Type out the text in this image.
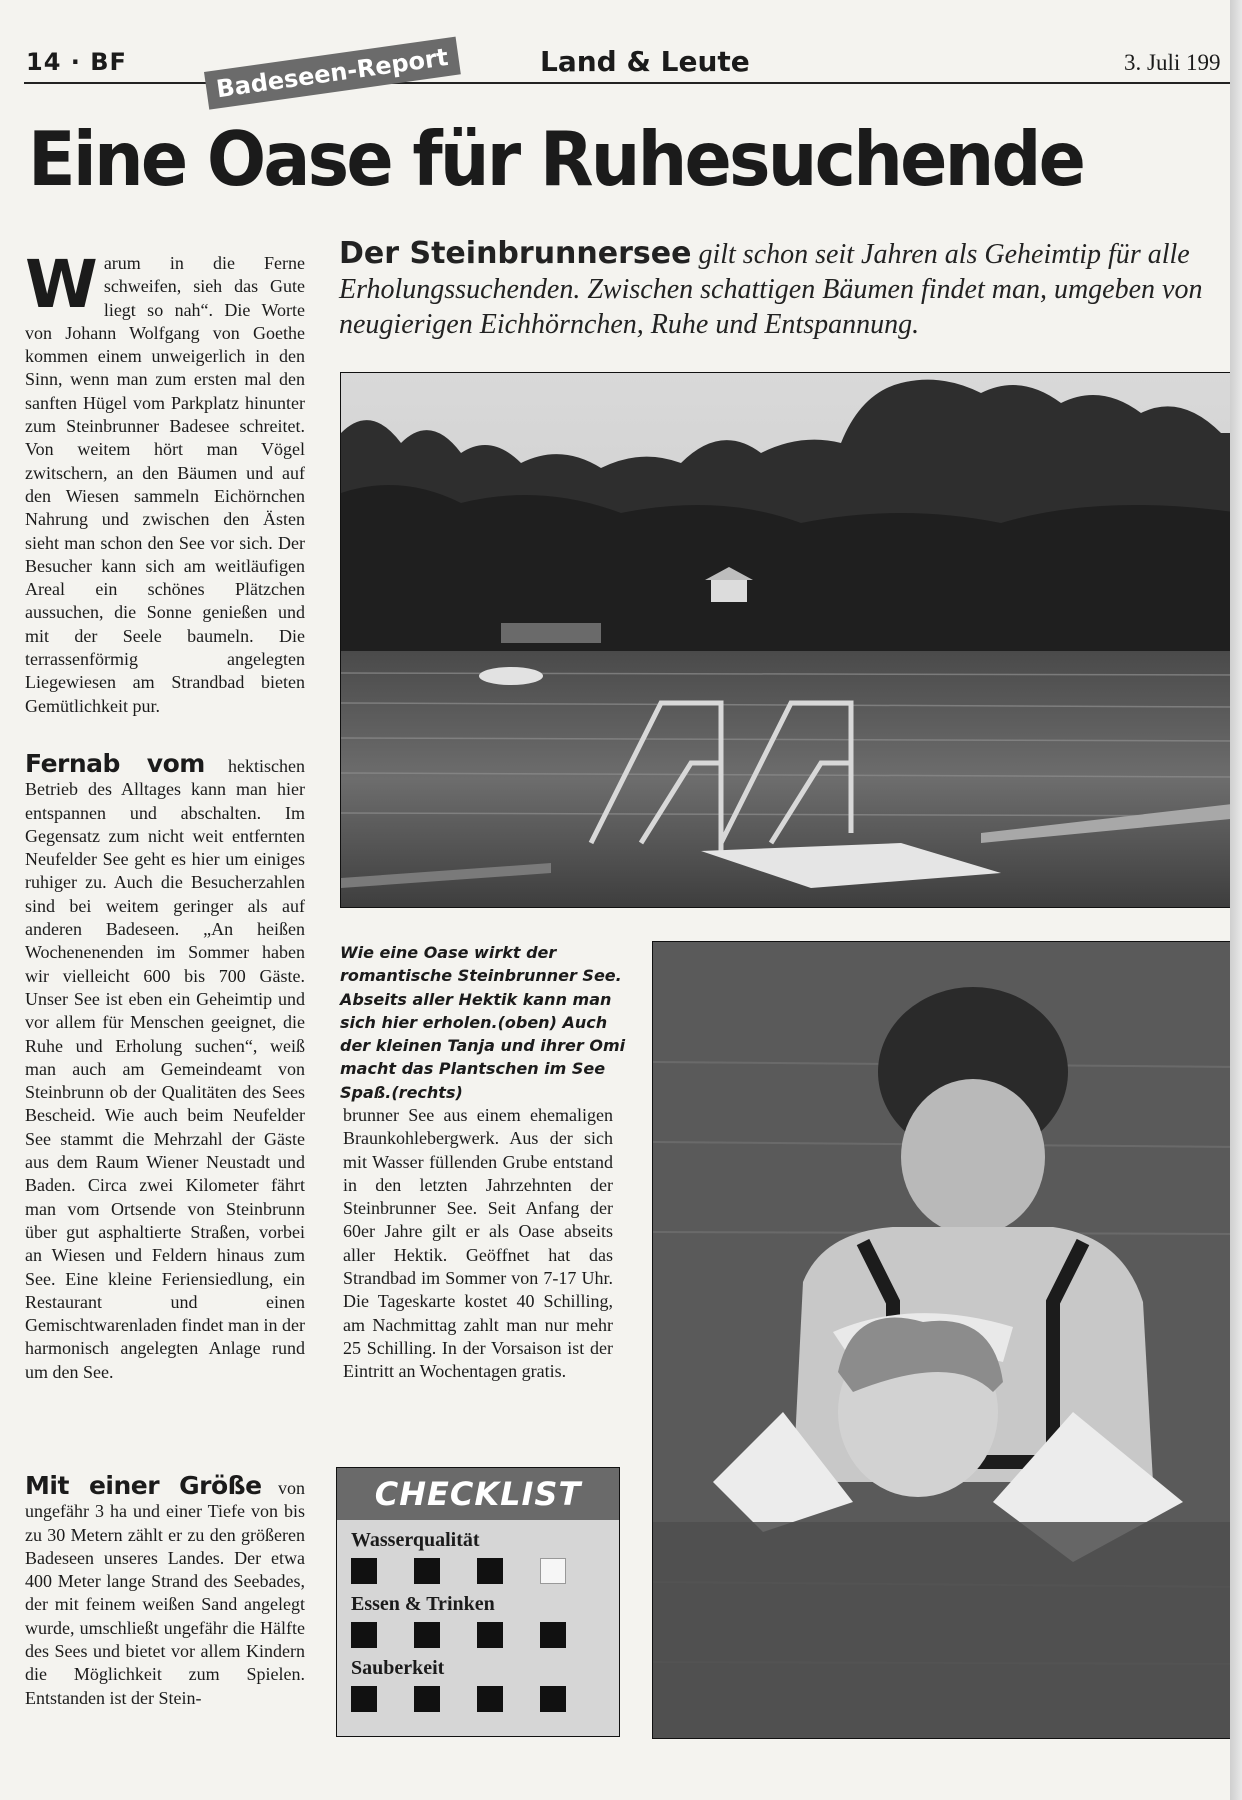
14 · BF	Land & Leute	3. Juli 199
Badeseen-Report
Eine Oase für Ruhesuchende
Der Steinbrunnersee gilt schon seit Jahren als Geheimtip für alle Erholungssuchenden. Zwischen schattigen Bäumen findet man, umgeben von neugierigen Eichhörnchen, Ruhe und Entspannung.
Warum in die Ferne schweifen, sieh das Gute liegt so nah“. Die Worte von Johann Wolfgang von Goethe kommen einem unweigerlich in den Sinn, wenn man zum ersten mal den sanften Hügel vom Parkplatz hinunter zum Steinbrunner Badesee schreitet. Von weitem hört man Vögel zwitschern, an den Bäumen und auf den Wiesen sammeln Eichörnchen Nahrung und zwischen den Ästen sieht man schon den See vor sich. Der Besucher kann sich am weitläufigen Areal ein schönes Plätzchen aussuchen, die Sonne genießen und mit der Seele baumeln. Die terrassenförmig angelegten Liegewiesen am Strandbad bieten Gemütlichkeit pur.
Fernab vom hektischen Betrieb des Alltages kann man hier entspannen und abschalten. Im Gegensatz zum nicht weit entfernten Neufelder See geht es hier um einiges ruhiger zu. Auch die Besucherzahlen sind bei weitem geringer als auf anderen Badeseen. „An heißen Wochenenenden im Sommer haben wir vielleicht 600 bis 700 Gäste. Unser See ist eben ein Geheimtip und vor allem für Menschen geeignet, die Ruhe und Erholung suchen“, weiß man auch am Gemeindeamt von Steinbrunn ob der Qualitäten des Sees Bescheid. Wie auch beim Neufelder See stammt die Mehrzahl der Gäste aus dem Raum Wiener Neustadt und Baden. Circa zwei Kilometer fährt man vom Ortsende von Steinbrunn über gut asphaltierte Straßen, vorbei an Wiesen und Feldern hinaus zum See. Eine kleine Feriensiedlung, ein Restaurant und einen Gemischtwarenladen findet man in der harmonisch angelegten Anlage rund um den See.
Mit einer Größe von ungefähr 3 ha und einer Tiefe von bis zu 30 Metern zählt er zu den größeren Badeseen unseres Landes. Der etwa 400 Meter lange Strand des Seebades, der mit feinem weißen Sand angelegt wurde, umschließt ungefähr die Hälfte des Sees und bietet vor allem Kindern die Möglichkeit zum Spielen. Entstanden ist der Stein-
Wie eine Oase wirkt der romantische Steinbrunner See. Abseits aller Hektik kann man sich hier erholen.(oben) Auch der kleinen Tanja und ihrer Omi macht das Plantschen im See Spaß.(rechts)
brunner See aus einem ehemaligen Braunkohlebergwerk. Aus der sich mit Wasser füllenden Grube entstand in den letzten Jahrzehnten der Steinbrunner See. Seit Anfang der 60er Jahre gilt er als Oase abseits aller Hektik. Geöffnet hat das Strandbad im Sommer von 7-17 Uhr. Die Tageskarte kostet 40 Schilling, am Nachmittag zahlt man nur mehr 25 Schilling. In der Vorsaison ist der Eintritt an Wochentagen gratis.
CHECKLIST
Wasserqualität
Essen & Trinken
Sauberkeit
